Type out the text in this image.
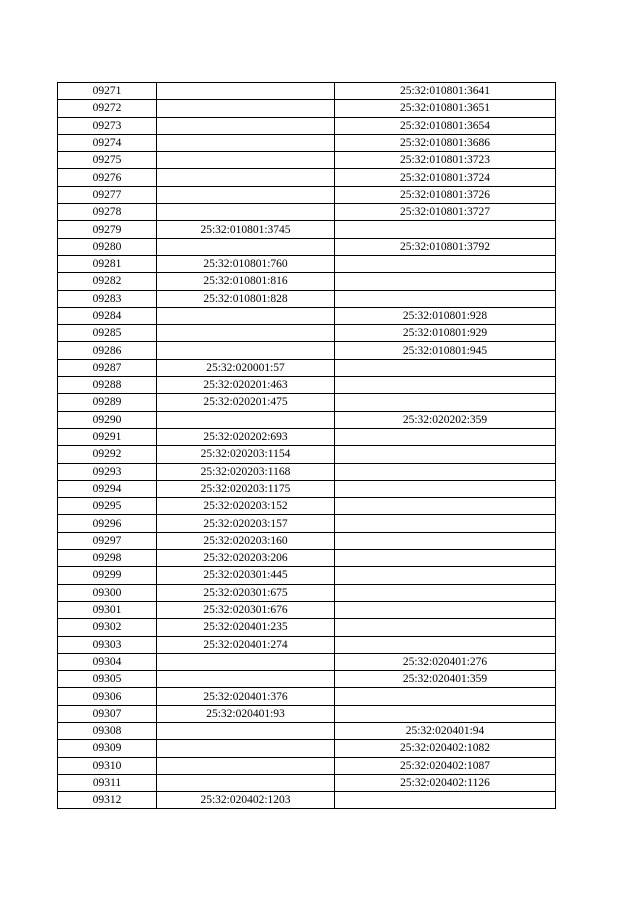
09271		25:32:010801:3641
09272		25:32:010801:3651
09273		25:32:010801:3654
09274		25:32:010801:3686
09275		25:32:010801:3723
09276		25:32:010801:3724
09277		25:32:010801:3726
09278		25:32:010801:3727
09279	25:32:010801:3745	
09280		25:32:010801:3792
09281	25:32:010801:760	
09282	25:32:010801:816	
09283	25:32:010801:828	
09284		25:32:010801:928
09285		25:32:010801:929
09286		25:32:010801:945
09287	25:32:020001:57	
09288	25:32:020201:463	
09289	25:32:020201:475	
09290		25:32:020202:359
09291	25:32:020202:693	
09292	25:32:020203:1154	
09293	25:32:020203:1168	
09294	25:32:020203:1175	
09295	25:32:020203:152	
09296	25:32:020203:157	
09297	25:32:020203:160	
09298	25:32:020203:206	
09299	25:32:020301:445	
09300	25:32:020301:675	
09301	25:32:020301:676	
09302	25:32:020401:235	
09303	25:32:020401:274	
09304		25:32:020401:276
09305		25:32:020401:359
09306	25:32:020401:376	
09307	25:32:020401:93	
09308		25:32:020401:94
09309		25:32:020402:1082
09310		25:32:020402:1087
09311		25:32:020402:1126
09312	25:32:020402:1203	
